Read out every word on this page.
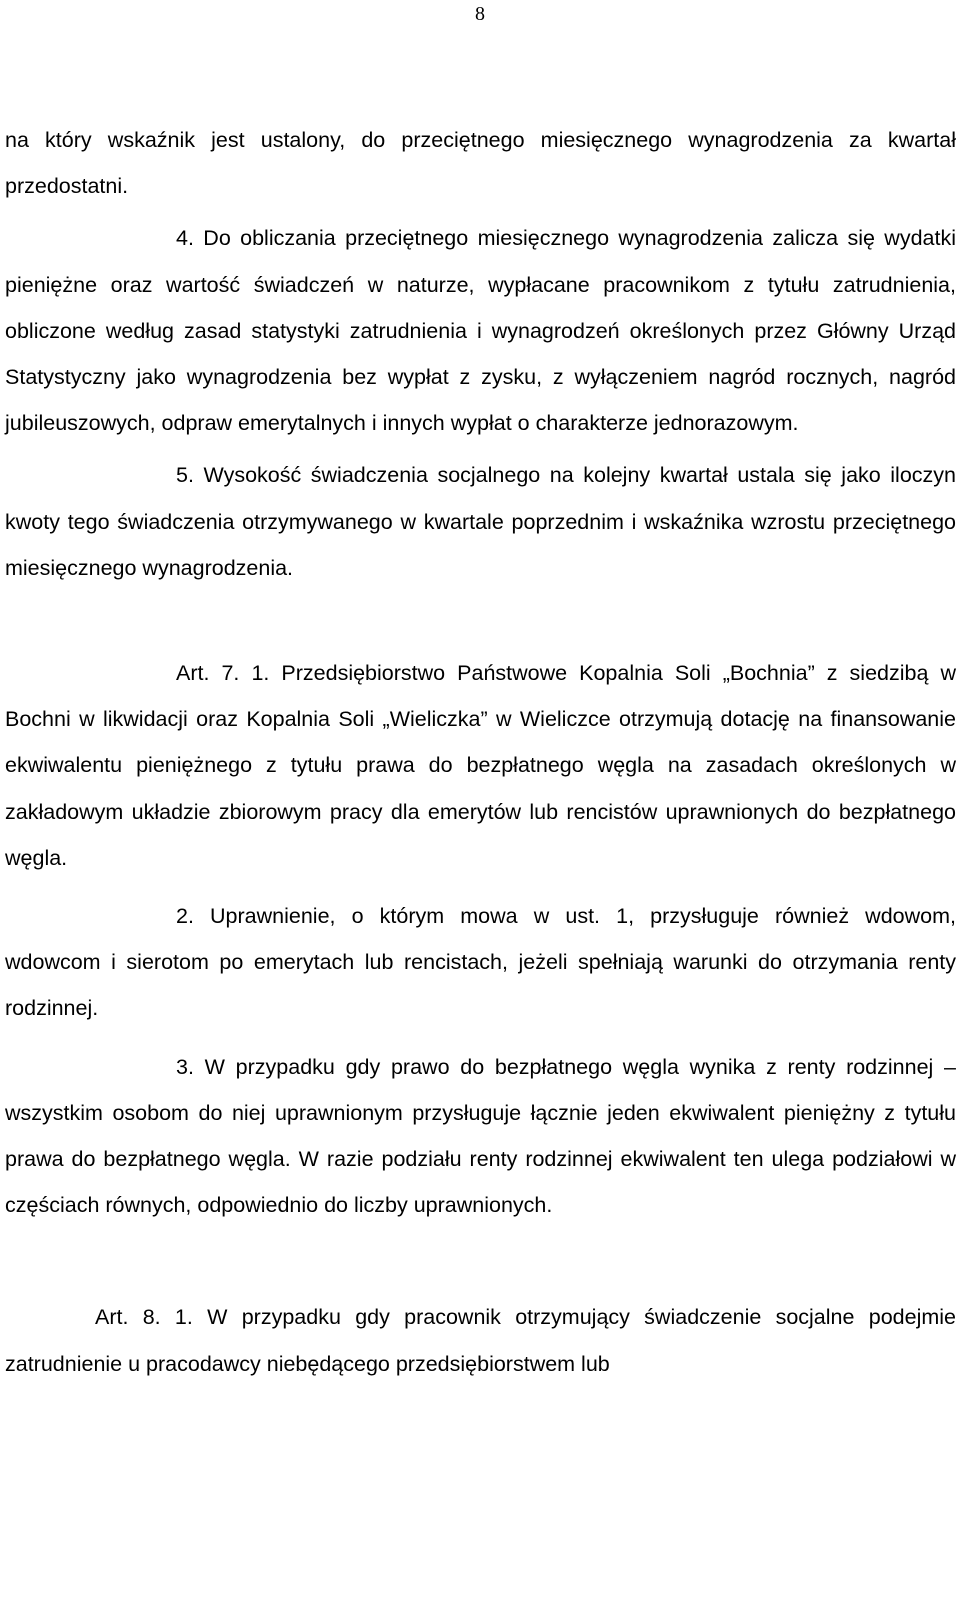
8

na który wskaźnik jest ustalony, do przeciętnego miesięcznego wynagrodzenia za kwartał przedostatni.

4. Do obliczania przeciętnego miesięcznego wynagrodzenia zalicza się wydatki pieniężne oraz wartość świadczeń w naturze, wypłacane pracownikom z tytułu zatrudnienia, obliczone według zasad statystyki zatrudnienia i wynagrodzeń określonych przez Główny Urząd Statystyczny jako wynagrodzenia bez wypłat z zysku, z wyłączeniem nagród rocznych, nagród jubileuszowych, odpraw emerytalnych i innych wypłat o charakterze jednorazowym.

5. Wysokość świadczenia socjalnego na kolejny kwartał ustala się jako iloczyn kwoty tego świadczenia otrzymywanego w kwartale poprzednim i wskaźnika wzrostu przeciętnego miesięcznego wynagrodzenia.

Art. 7. 1. Przedsiębiorstwo Państwowe Kopalnia Soli „Bochnia” z siedzibą w Bochni w likwidacji oraz Kopalnia Soli „Wieliczka” w Wieliczce otrzymują dotację na finansowanie ekwiwalentu pieniężnego z tytułu prawa do bezpłatnego węgla na zasadach określonych w zakładowym układzie zbiorowym pracy dla emerytów lub rencistów uprawnionych do bezpłatnego węgla.

2. Uprawnienie, o którym mowa w ust. 1, przysługuje również wdowom, wdowcom i sierotom po emerytach lub rencistach, jeżeli spełniają warunki do otrzymania renty rodzinnej.

3. W przypadku gdy prawo do bezpłatnego węgla wynika z renty rodzinnej – wszystkim osobom do niej uprawnionym przysługuje łącznie jeden ekwiwalent pieniężny z tytułu prawa do bezpłatnego węgla. W razie podziału renty rodzinnej ekwiwalent ten ulega podziałowi w częściach równych, odpowiednio do liczby uprawnionych.

Art. 8. 1. W przypadku gdy pracownik otrzymujący świadczenie socjalne podejmie zatrudnienie u pracodawcy niebędącego przedsiębiorstwem lub
